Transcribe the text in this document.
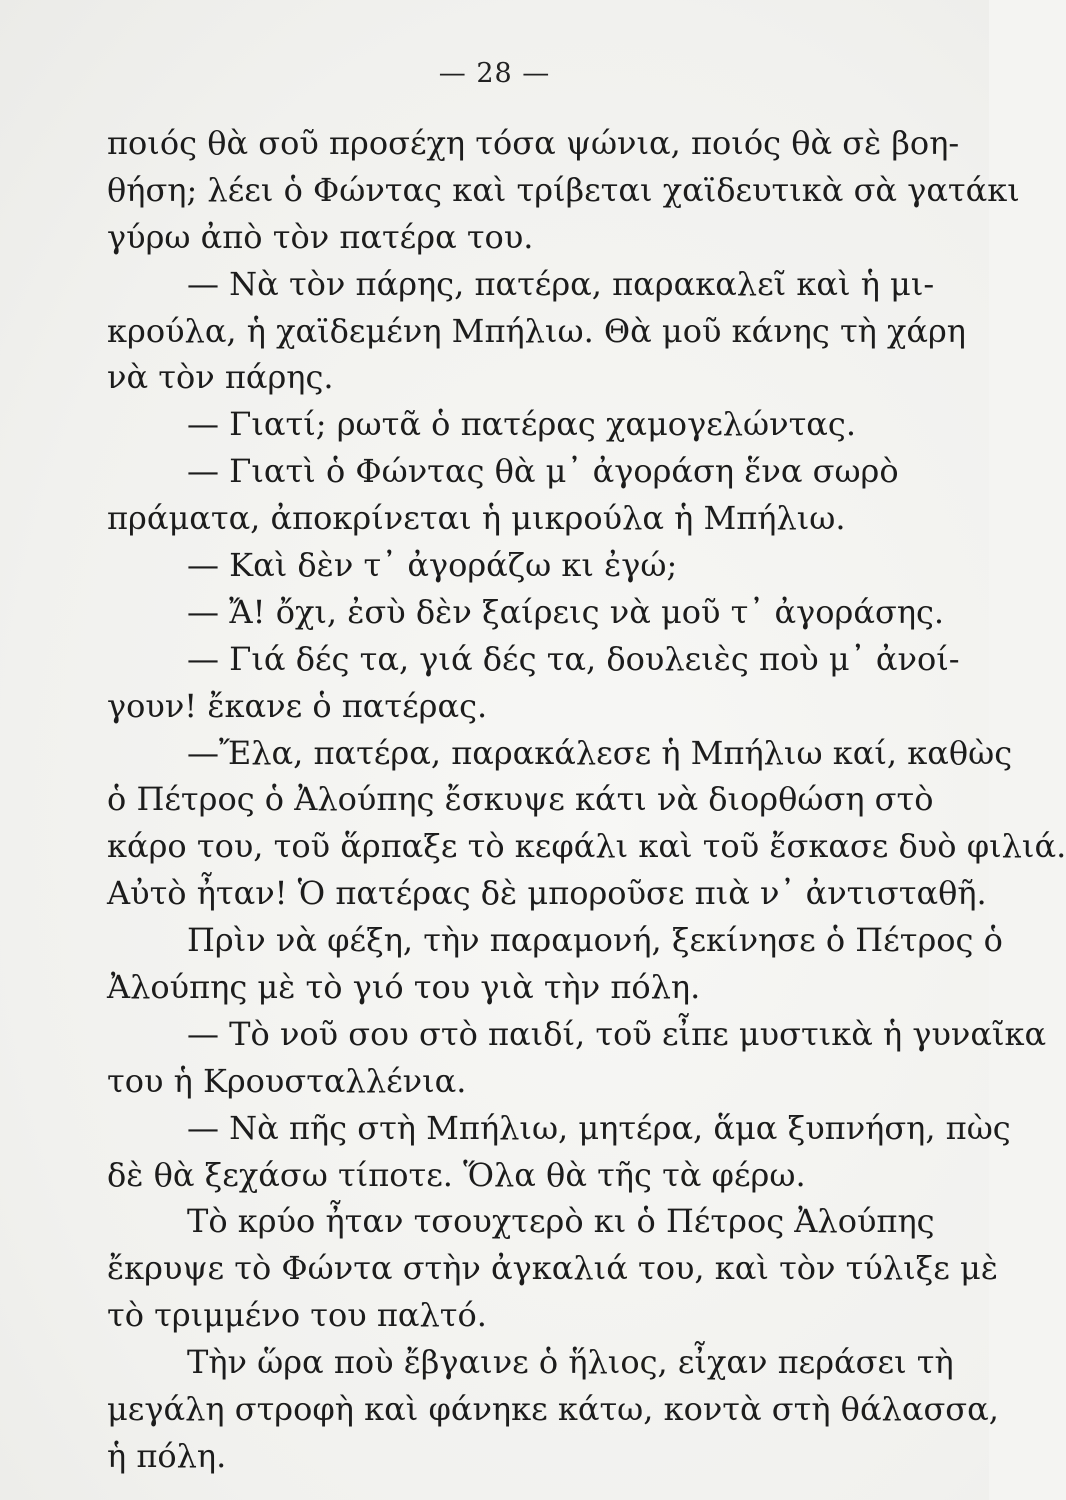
— 28 —
ποιός θὰ σοῦ προσέχη τόσα ψώνια, ποιός θὰ σὲ βοη-
θήση; λέει ὁ Φώντας καὶ τρίβεται χαϊδευτικὰ σὰ γατάκι
γύρω ἀπὸ τὸν πατέρα του.
— Νὰ τὸν πάρης, πατέρα, παρακαλεῖ καὶ ἡ μι-
κρούλα, ἡ χαϊδεμένη Μπήλιω. Θὰ μοῦ κάνης τὴ χάρη
νὰ τὸν πάρης.
— Γιατί; ρωτᾶ ὁ πατέρας χαμογελώντας.
— Γιατὶ ὁ Φώντας θὰ μ᾽ ἀγοράση ἕνα σωρὸ
πράματα, ἀποκρίνεται ἡ μικρούλα ἡ Μπήλιω.
— Καὶ δὲν τ᾽ ἀγοράζω κι ἐγώ;
— Ἄ! ὄχι, ἐσὺ δὲν ξαίρεις νὰ μοῦ τ᾽ ἀγοράσης.
— Γιά δές τα, γιά δές τα, δουλειὲς ποὺ μ᾽ ἀνοί-
γουν! ἔκανε ὁ πατέρας.
—Ἔλα, πατέρα, παρακάλεσε ἡ Μπήλιω καί, καθὼς
ὁ Πέτρος ὁ Ἀλούπης ἔσκυψε κάτι νὰ διορθώση στὸ
κάρο του, τοῦ ἅρπαξε τὸ κεφάλι καὶ τοῦ ἔσκασε δυὸ φιλιά.
Αὐτὸ ἦταν! Ὁ πατέρας δὲ μποροῦσε πιὰ ν᾽ ἀντισταθῆ.
Πρὶν νὰ φέξη, τὴν παραμονή, ξεκίνησε ὁ Πέτρος ὁ
Ἀλούπης μὲ τὸ γιό του γιὰ τὴν πόλη.
— Τὸ νοῦ σου στὸ παιδί, τοῦ εἶπε μυστικὰ ἡ γυναῖκα
του ἡ Κρουσταλλένια.
— Νὰ πῆς στὴ Μπήλιω, μητέρα, ἅμα ξυπνήση, πὼς
δὲ θὰ ξεχάσω τίποτε. Ὅλα θὰ τῆς τὰ φέρω.
Τὸ κρύο ἦταν τσουχτερὸ κι ὁ Πέτρος Ἀλούπης
ἔκρυψε τὸ Φώντα στὴν ἀγκαλιά του, καὶ τὸν τύλιξε μὲ
τὸ τριμμένο του παλτό.
Τὴν ὥρα ποὺ ἔβγαινε ὁ ἥλιος, εἶχαν περάσει τὴ
μεγάλη στροφὴ καὶ φάνηκε κάτω, κοντὰ στὴ θάλασσα,
ἡ πόλη.
